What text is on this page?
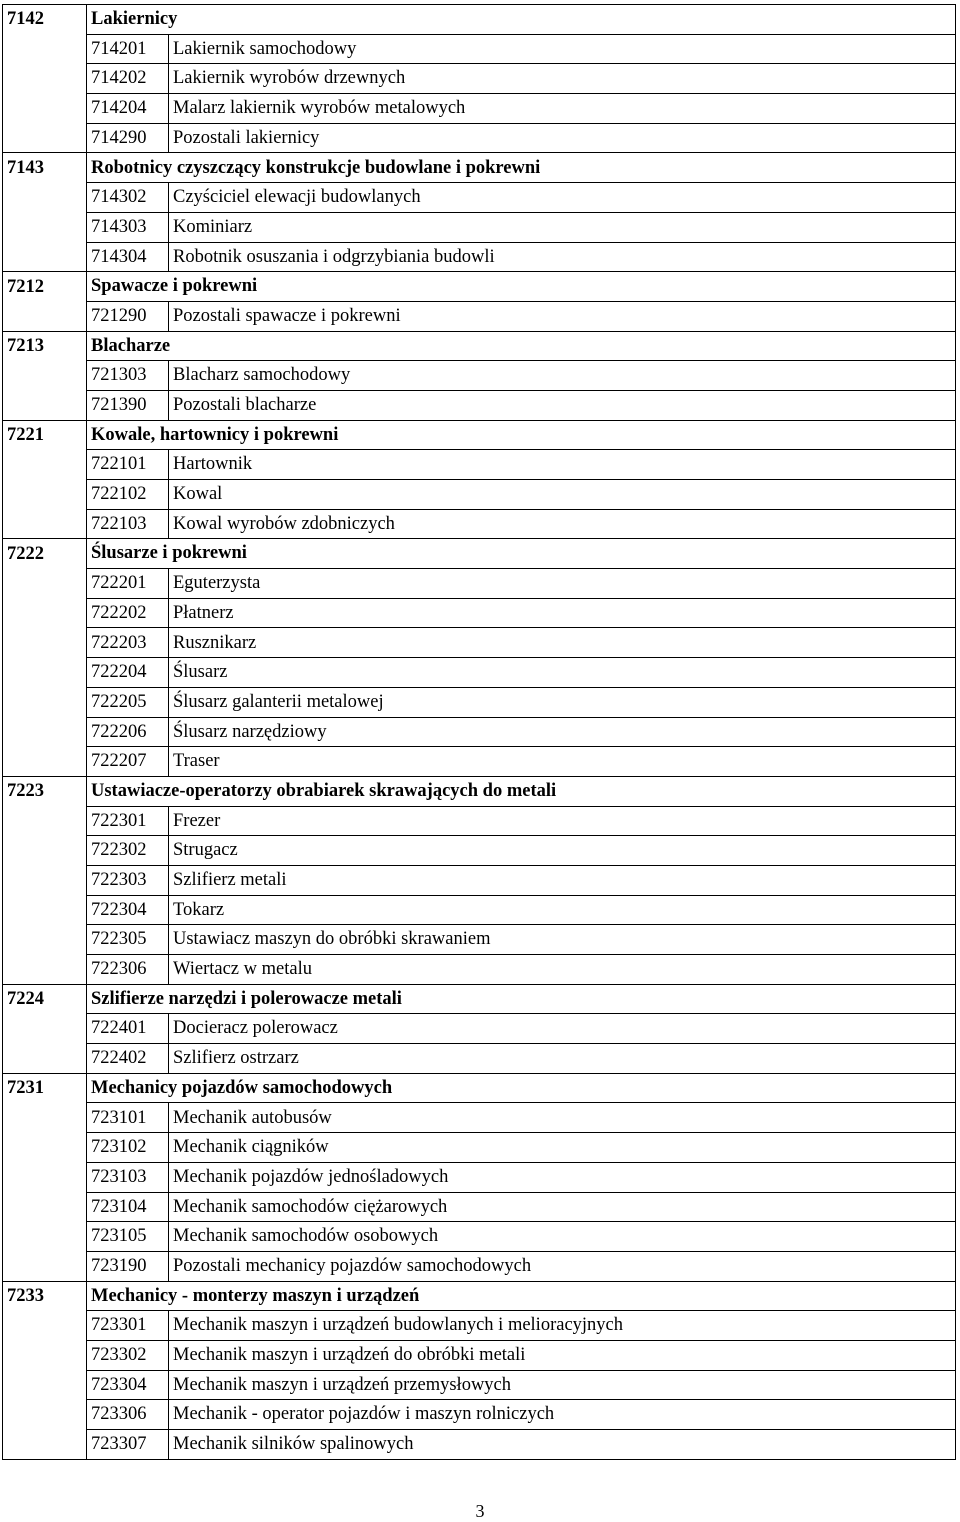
7142	Lakiernicy	
	714201	Lakiernik samochodowy
	714202	Lakiernik wyrobów drzewnych
	714204	Malarz lakiernik wyrobów metalowych
	714290	Pozostali lakiernicy
7143	Robotnicy czyszczący konstrukcje budowlane i pokrewni	
	714302	Czyściciel elewacji budowlanych
	714303	Kominiarz
	714304	Robotnik osuszania i odgrzybiania budowli
7212	Spawacze i pokrewni	
	721290	Pozostali spawacze i pokrewni
7213	Blacharze	
	721303	Blacharz samochodowy
	721390	Pozostali blacharze
7221	Kowale, hartownicy i pokrewni	
	722101	Hartownik
	722102	Kowal
	722103	Kowal wyrobów zdobniczych
7222	Ślusarze i pokrewni	
	722201	Eguterzysta
	722202	Płatnerz
	722203	Rusznikarz
	722204	Ślusarz
	722205	Ślusarz galanterii metalowej
	722206	Ślusarz narzędziowy
	722207	Traser
7223	Ustawiacze-operatorzy obrabiarek skrawających do metali	
	722301	Frezer
	722302	Strugacz
	722303	Szlifierz metali
	722304	Tokarz
	722305	Ustawiacz maszyn do obróbki skrawaniem
	722306	Wiertacz w metalu
7224	Szlifierze narzędzi i polerowacze metali	
	722401	Docieracz polerowacz
	722402	Szlifierz ostrzarz
7231	Mechanicy pojazdów samochodowych	
	723101	Mechanik autobusów
	723102	Mechanik ciągników
	723103	Mechanik pojazdów jednośladowych
	723104	Mechanik samochodów ciężarowych
	723105	Mechanik samochodów osobowych
	723190	Pozostali mechanicy pojazdów samochodowych
7233	Mechanicy - monterzy maszyn i urządzeń	
	723301	Mechanik maszyn i urządzeń budowlanych i melioracyjnych
	723302	Mechanik maszyn i urządzeń do obróbki metali
	723304	Mechanik maszyn i urządzeń przemysłowych
	723306	Mechanik - operator pojazdów i maszyn rolniczych
	723307	Mechanik silników spalinowych
3
